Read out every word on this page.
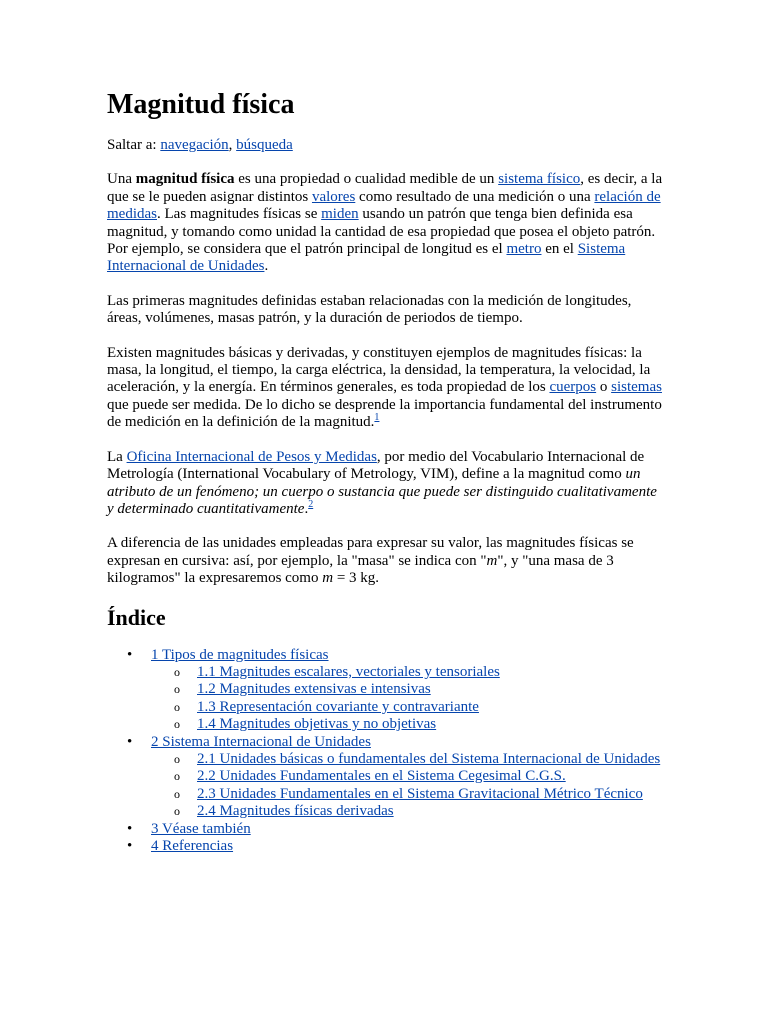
Magnitud física

Saltar a: navegación, búsqueda

Una magnitud física es una propiedad o cualidad medible de un sistema físico, es decir, a la que se le pueden asignar distintos valores como resultado de una medición o una relación de medidas. Las magnitudes físicas se miden usando un patrón que tenga bien definida esa magnitud, y tomando como unidad la cantidad de esa propiedad que posea el objeto patrón. Por ejemplo, se considera que el patrón principal de longitud es el metro en el Sistema Internacional de Unidades.

Las primeras magnitudes definidas estaban relacionadas con la medición de longitudes, áreas, volúmenes, masas patrón, y la duración de periodos de tiempo.

Existen magnitudes básicas y derivadas, y constituyen ejemplos de magnitudes físicas: la masa, la longitud, el tiempo, la carga eléctrica, la densidad, la temperatura, la velocidad, la aceleración, y la energía. En términos generales, es toda propiedad de los cuerpos o sistemas que puede ser medida. De lo dicho se desprende la importancia fundamental del instrumento de medición en la definición de la magnitud.$^1$

La Oficina Internacional de Pesos y Medidas, por medio del Vocabulario Internacional de Metrología (International Vocabulary of Metrology, VIM), define a la magnitud como un atributo de un fenómeno; un cuerpo o sustancia que puede ser distinguido cualitativamente y determinado cuantitativamente.$^2$

A diferencia de las unidades empleadas para expresar su valor, las magnitudes físicas se expresan en cursiva: así, por ejemplo, la "masa" se indica con "m", y "una masa de 3 kilogramos" la expresaremos como m = 3 kg.

Índice
• 1 Tipos de magnitudes físicas
o 1.1 Magnitudes escalares, vectoriales y tensoriales
o 1.2 Magnitudes extensivas e intensivas
o 1.3 Representación covariante y contravariante
o 1.4 Magnitudes objetivas y no objetivas
• 2 Sistema Internacional de Unidades
o 2.1 Unidades básicas o fundamentales del Sistema Internacional de Unidades
o 2.2 Unidades Fundamentales en el Sistema Cegesimal C.G.S.
o 2.3 Unidades Fundamentales en el Sistema Gravitacional Métrico Técnico
o 2.4 Magnitudes físicas derivadas
• 3 Véase también
• 4 Referencias
